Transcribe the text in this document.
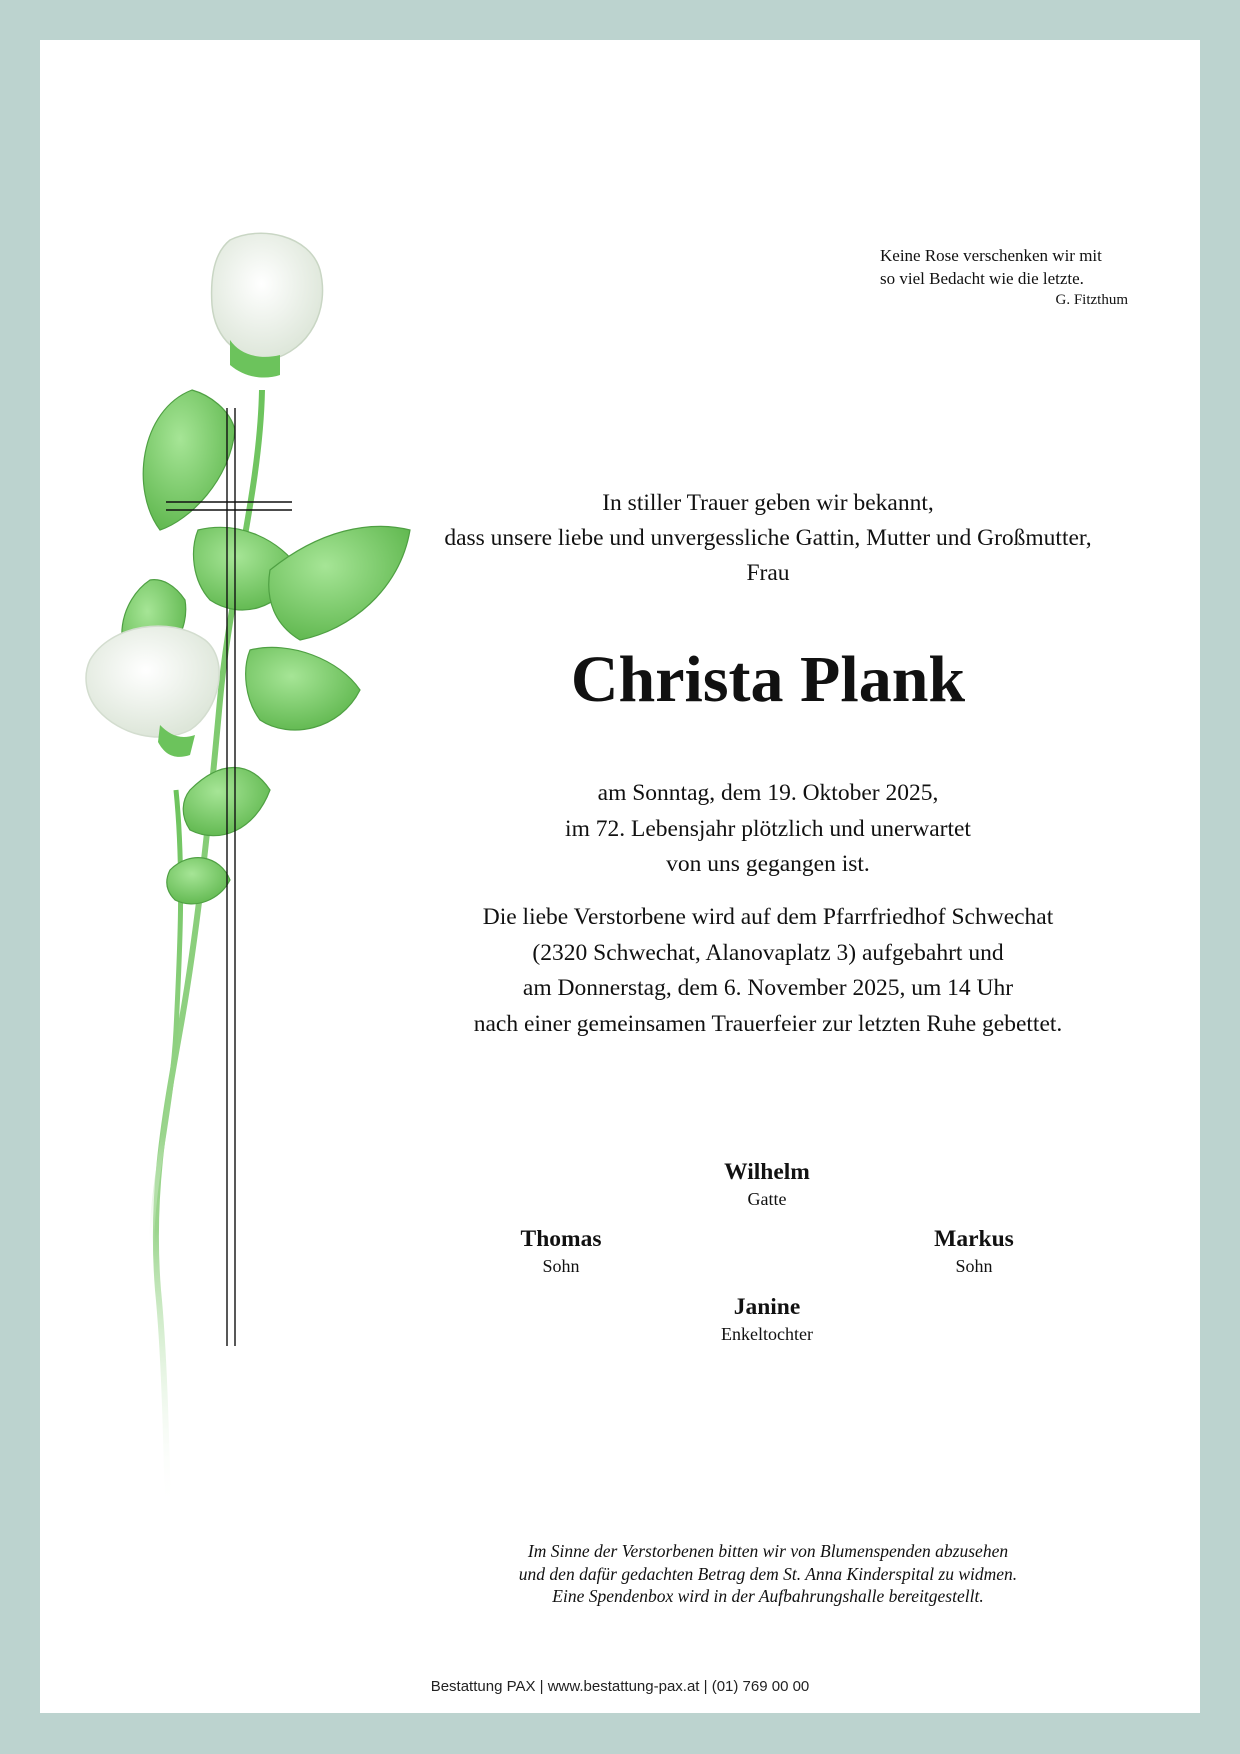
Keine Rose verschenken wir mit
so viel Bedacht wie die letzte.
G. Fitzthum
In stiller Trauer geben wir bekannt,
dass unsere liebe und unvergessliche Gattin, Mutter und Großmutter,
Frau
Christa Plank
am Sonntag, dem 19. Oktober 2025,
im 72. Lebensjahr plötzlich und unerwartet
von uns gegangen ist.
Die liebe Verstorbene wird auf dem Pfarrfriedhof Schwechat
(2320 Schwechat, Alanovaplatz 3) aufgebahrt und
am Donnerstag, dem 6. November 2025, um 14 Uhr
nach einer gemeinsamen Trauerfeier zur letzten Ruhe gebettet.
Wilhelm
Gatte
Thomas
Sohn
Markus
Sohn
Janine
Enkeltochter
Im Sinne der Verstorbenen bitten wir von Blumenspenden abzusehen
und den dafür gedachten Betrag dem St. Anna Kinderspital zu widmen.
Eine Spendenbox wird in der Aufbahrungshalle bereitgestellt.
Bestattung PAX | www.bestattung-pax.at | (01) 769 00 00
